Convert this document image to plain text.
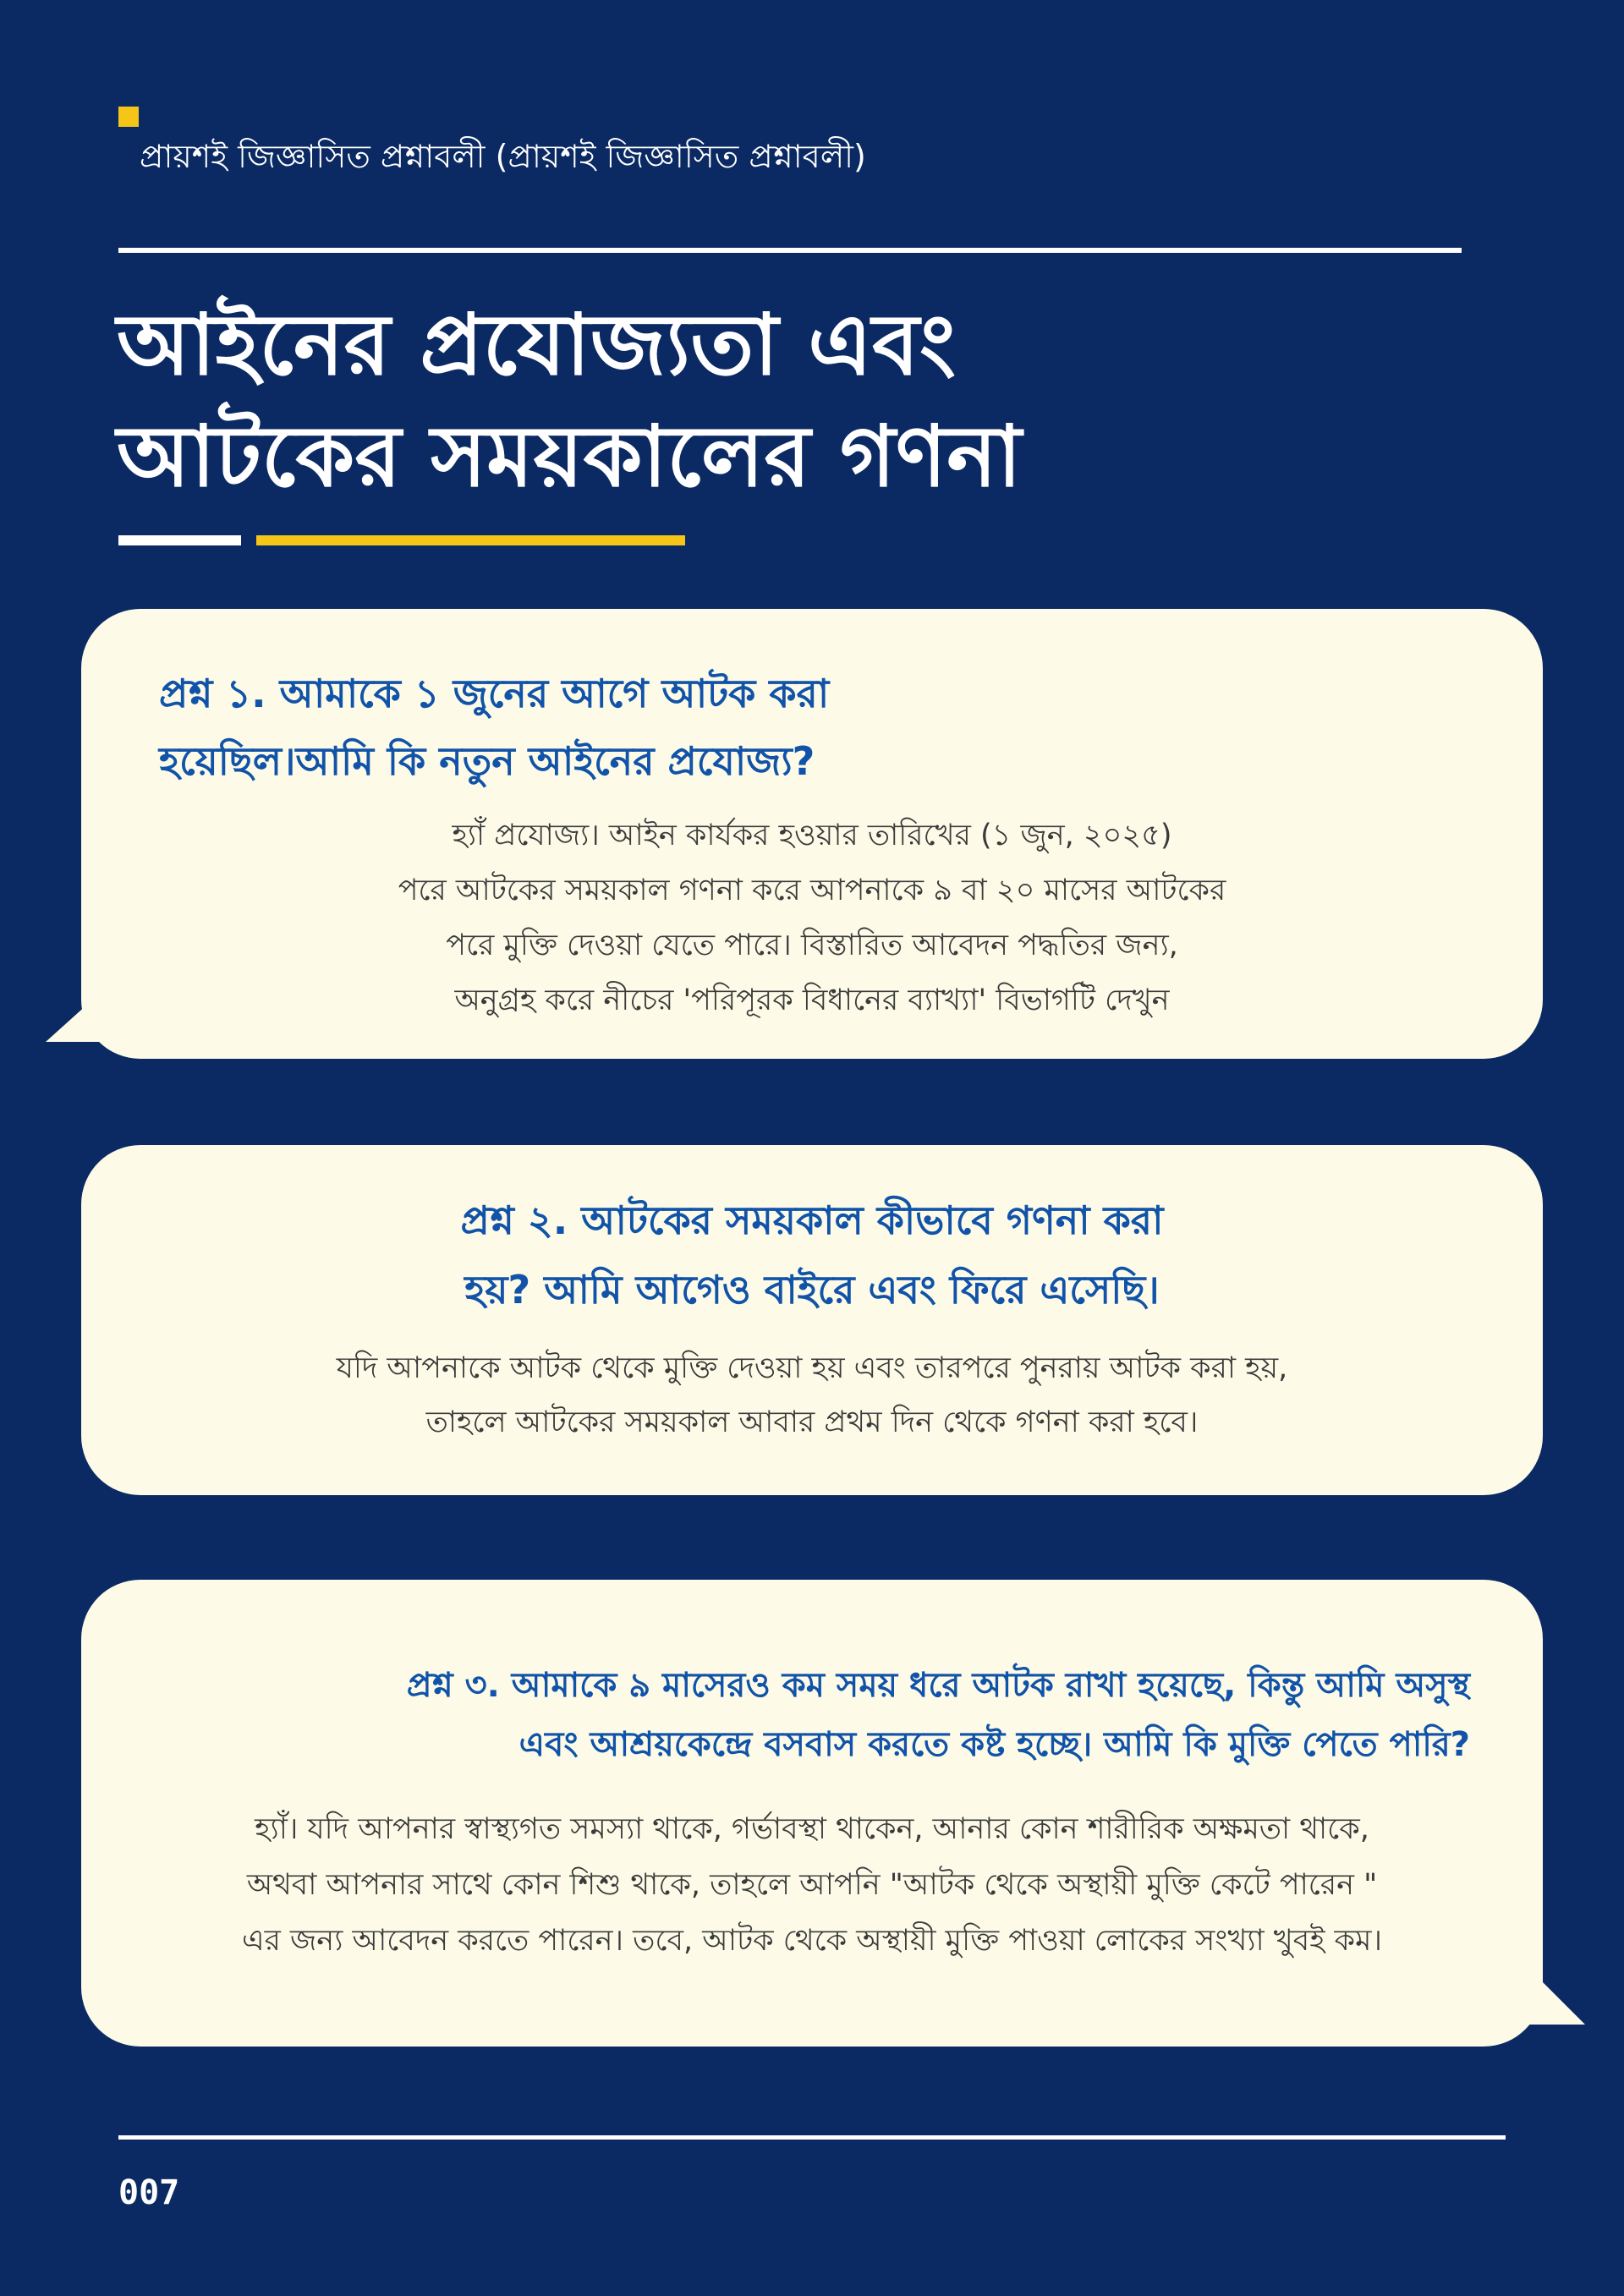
প্রায়শই জিজ্ঞাসিত প্রশ্নাবলী (প্রায়শই জিজ্ঞাসিত প্রশ্নাবলী)
আইনের প্রযোজ্যতা এবং
আটকের সময়কালের গণনা
প্রশ্ন ১. আমাকে ১ জুনের আগে আটক করা
হয়েছিল।আমি কি নতুন আইনের প্রযোজ্য?

হ্যাঁ প্রযোজ্য। আইন কার্যকর হওয়ার তারিখের (১ জুন, ২০২৫)
পরে আটকের সময়কাল গণনা করে আপনাকে ৯ বা ২০ মাসের আটকের
পরে মুক্তি দেওয়া যেতে পারে। বিস্তারিত আবেদন পদ্ধতির জন্য,
অনুগ্রহ করে নীচের 'পরিপূরক বিধানের ব্যাখ্যা' বিভাগটি দেখুন

প্রশ্ন ২. আটকের সময়কাল কীভাবে গণনা করা
হয়? আমি আগেও বাইরে এবং ফিরে এসেছি।

যদি আপনাকে আটক থেকে মুক্তি দেওয়া হয় এবং তারপরে পুনরায় আটক করা হয়,
তাহলে আটকের সময়কাল আবার প্রথম দিন থেকে গণনা করা হবে।

প্রশ্ন ৩. আমাকে ৯ মাসেরও কম সময় ধরে আটক রাখা হয়েছে, কিন্তু আমি অসুস্থ
এবং আশ্রয়কেন্দ্রে বসবাস করতে কষ্ট হচ্ছে। আমি কি মুক্তি পেতে পারি?

হ্যাঁ। যদি আপনার স্বাস্থ্যগত সমস্যা থাকে, গর্ভাবস্থা থাকেন, আনার কোন শারীরিক অক্ষমতা থাকে,
অথবা আপনার সাথে কোন শিশু থাকে, তাহলে আপনি "আটক থেকে অস্থায়ী মুক্তি কেটে পারেন "
এর জন্য আবেদন করতে পারেন। তবে, আটক থেকে অস্থায়ী মুক্তি পাওয়া লোকের সংখ্যা খুবই কম।

007
